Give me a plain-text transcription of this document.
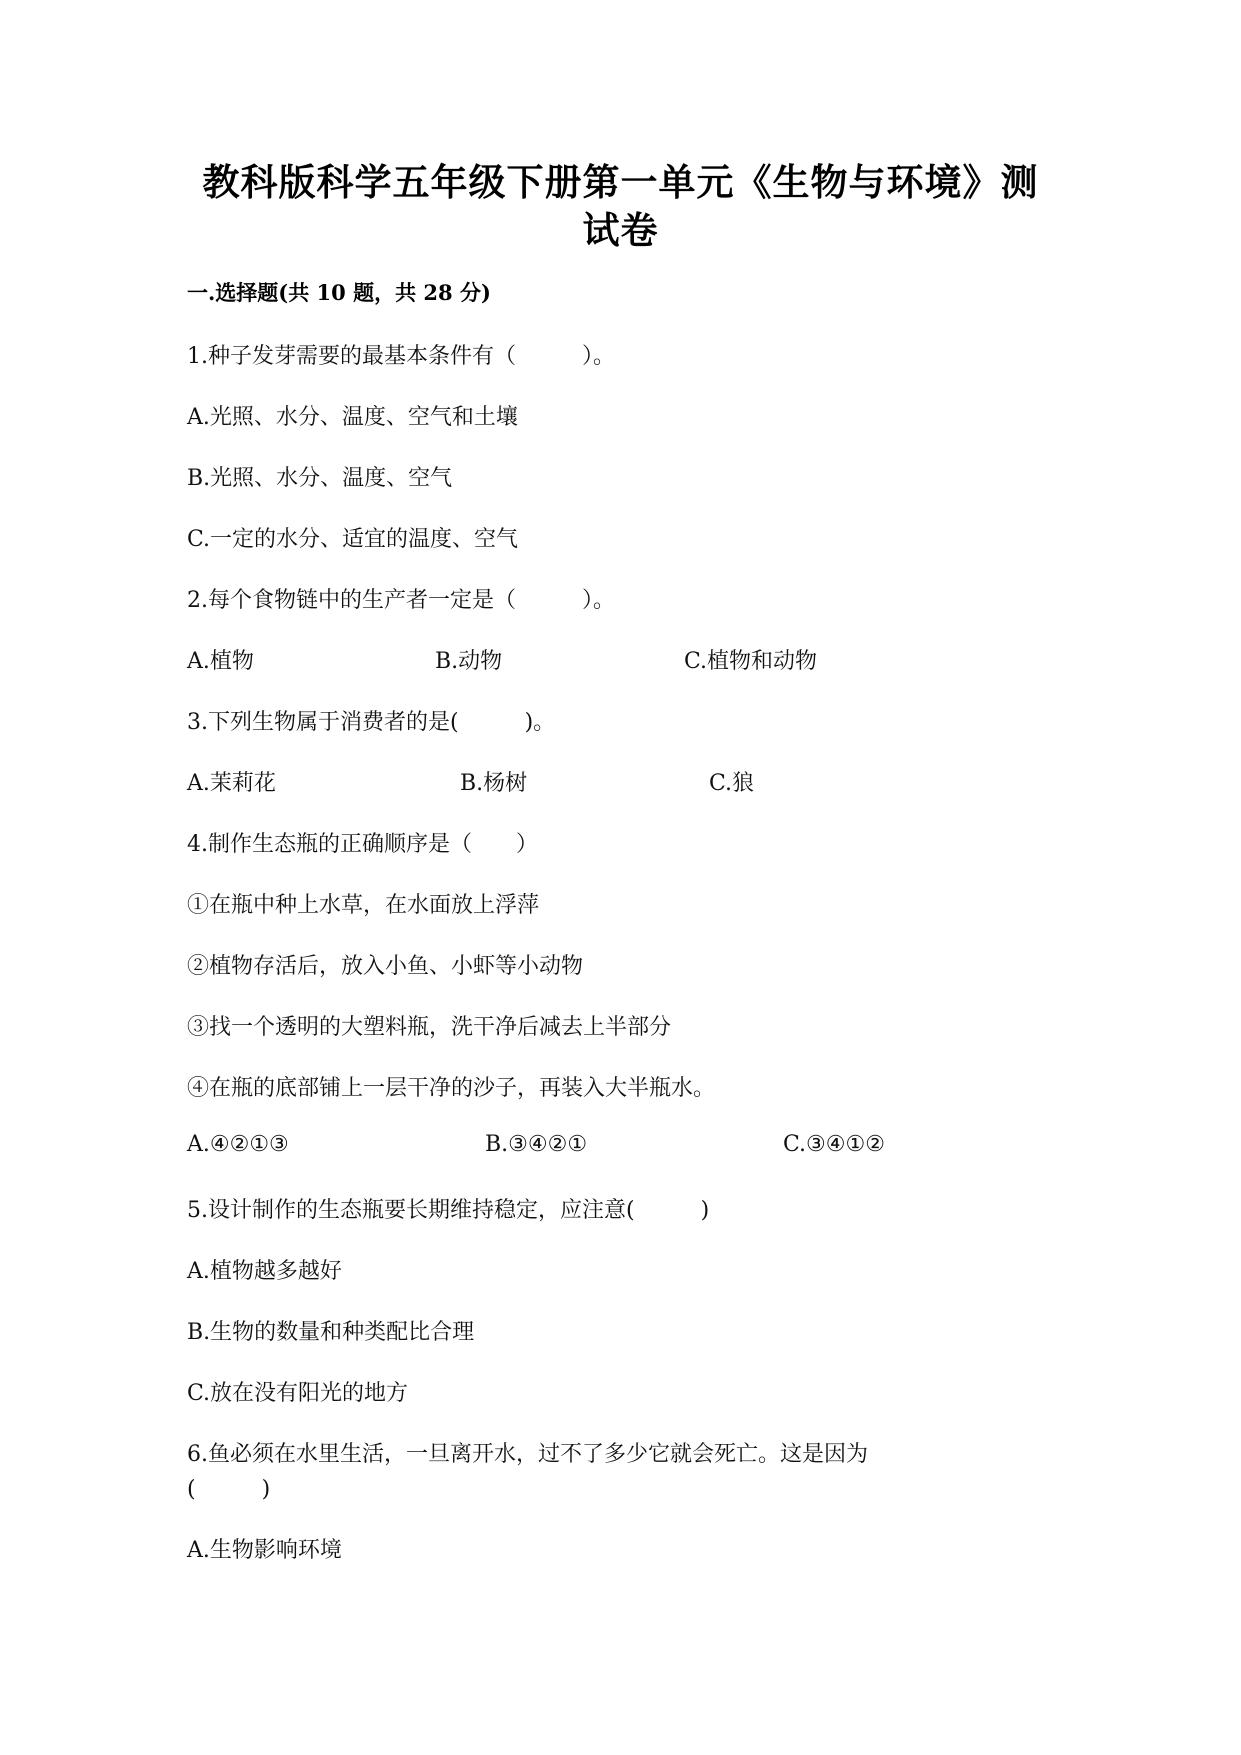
教科版科学五年级下册第一单元《生物与环境》测
试卷
一.选择题(共 10 题，共 28 分)
1.种子发芽需要的最基本条件有（　　　）。
A.光照、水分、温度、空气和土壤
B.光照、水分、温度、空气
C.一定的水分、适宜的温度、空气
2.每个食物链中的生产者一定是（　　　）。
A.植物	B.动物	C.植物和动物
3.下列生物属于消费者的是(　　　)。
A.茉莉花	B.杨树	C.狼
4.制作生态瓶的正确顺序是（　　）
①在瓶中种上水草，在水面放上浮萍
②植物存活后，放入小鱼、小虾等小动物
③找一个透明的大塑料瓶，洗干净后减去上半部分
④在瓶的底部铺上一层干净的沙子，再装入大半瓶水。
A.④②①③	B.③④②①	C.③④①②
5.设计制作的生态瓶要长期维持稳定，应注意(　　　)
A.植物越多越好
B.生物的数量和种类配比合理
C.放在没有阳光的地方
6.鱼必须在水里生活，一旦离开水，过不了多少它就会死亡。这是因为
(　　　)
A.生物影响环境
